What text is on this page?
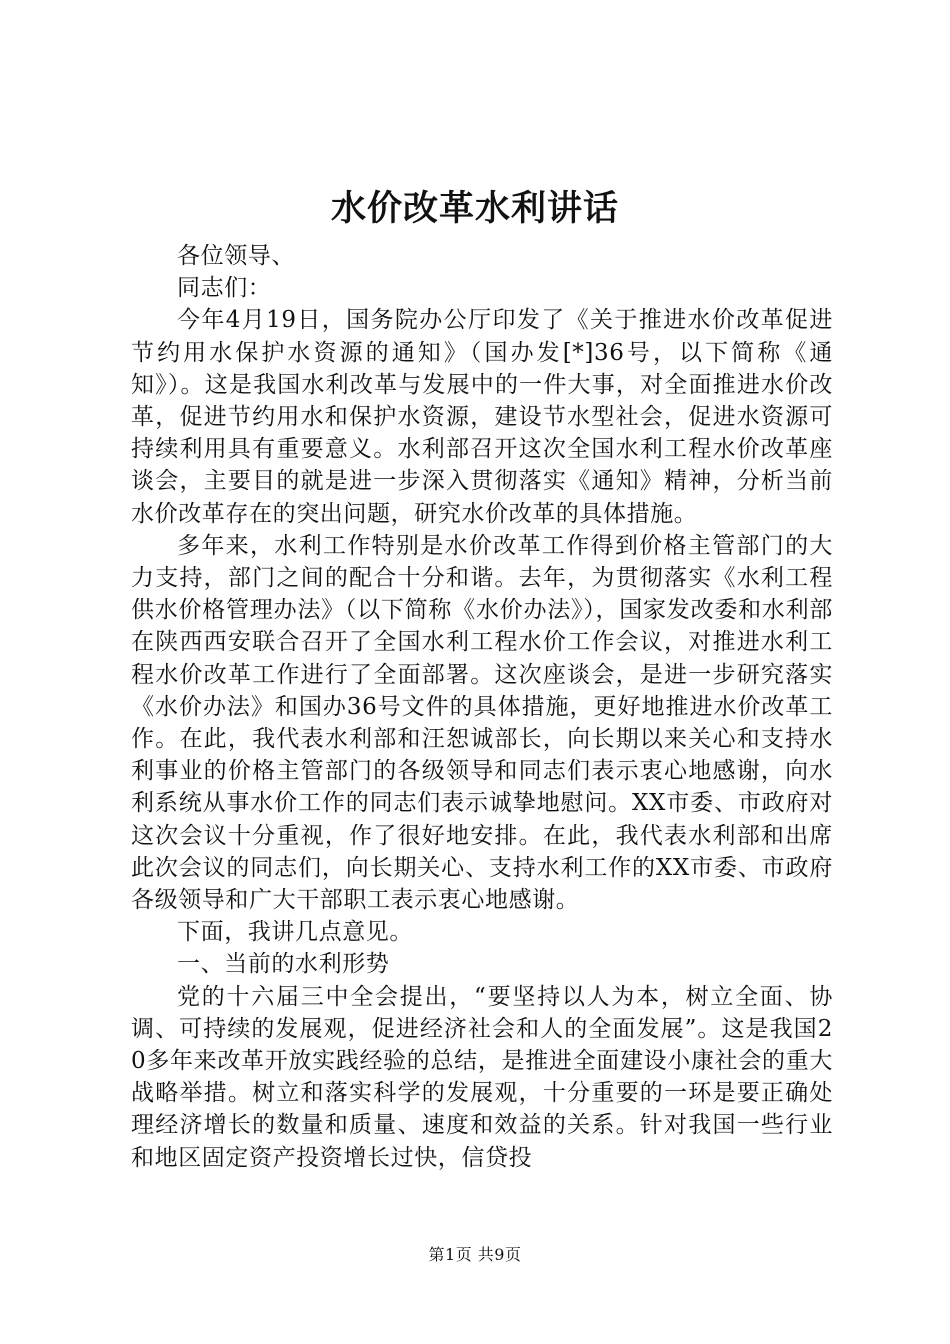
水价改革水利讲话

各位领导、

同志们：

今年4月19日，国务院办公厅印发了《关于推进水价改革促进节约用水保护水资源的通知》（国办发[*]36号，以下简称《通知》）。这是我国水利改革与发展中的一件大事，对全面推进水价改革，促进节约用水和保护水资源，建设节水型社会，促进水资源可持续利用具有重要意义。水利部召开这次全国水利工程水价改革座谈会，主要目的就是进一步深入贯彻落实《通知》精神，分析当前水价改革存在的突出问题，研究水价改革的具体措施。

多年来，水利工作特别是水价改革工作得到价格主管部门的大力支持，部门之间的配合十分和谐。去年，为贯彻落实《水利工程供水价格管理办法》（以下简称《水价办法》），国家发改委和水利部在陕西西安联合召开了全国水利工程水价工作会议，对推进水利工程水价改革工作进行了全面部署。这次座谈会，是进一步研究落实《水价办法》和国办36号文件的具体措施，更好地推进水价改革工作。在此，我代表水利部和汪恕诚部长，向长期以来关心和支持水利事业的价格主管部门的各级领导和同志们表示衷心地感谢，向水利系统从事水价工作的同志们表示诚挚地慰问。XX市委、市政府对这次会议十分重视，作了很好地安排。在此，我代表水利部和出席此次会议的同志们，向长期关心、支持水利工作的XX市委、市政府各级领导和广大干部职工表示衷心地感谢。

下面，我讲几点意见。

一、当前的水利形势

党的十六届三中全会提出，“要坚持以人为本，树立全面、协调、可持续的发展观，促进经济社会和人的全面发展”。这是我国20多年来改革开放实践经验的总结，是推进全面建设小康社会的重大战略举措。树立和落实科学的发展观，十分重要的一环是要正确处理经济增长的数量和质量、速度和效益的关系。针对我国一些行业和地区固定资产投资增长过快，信贷投

第1页 共9页
